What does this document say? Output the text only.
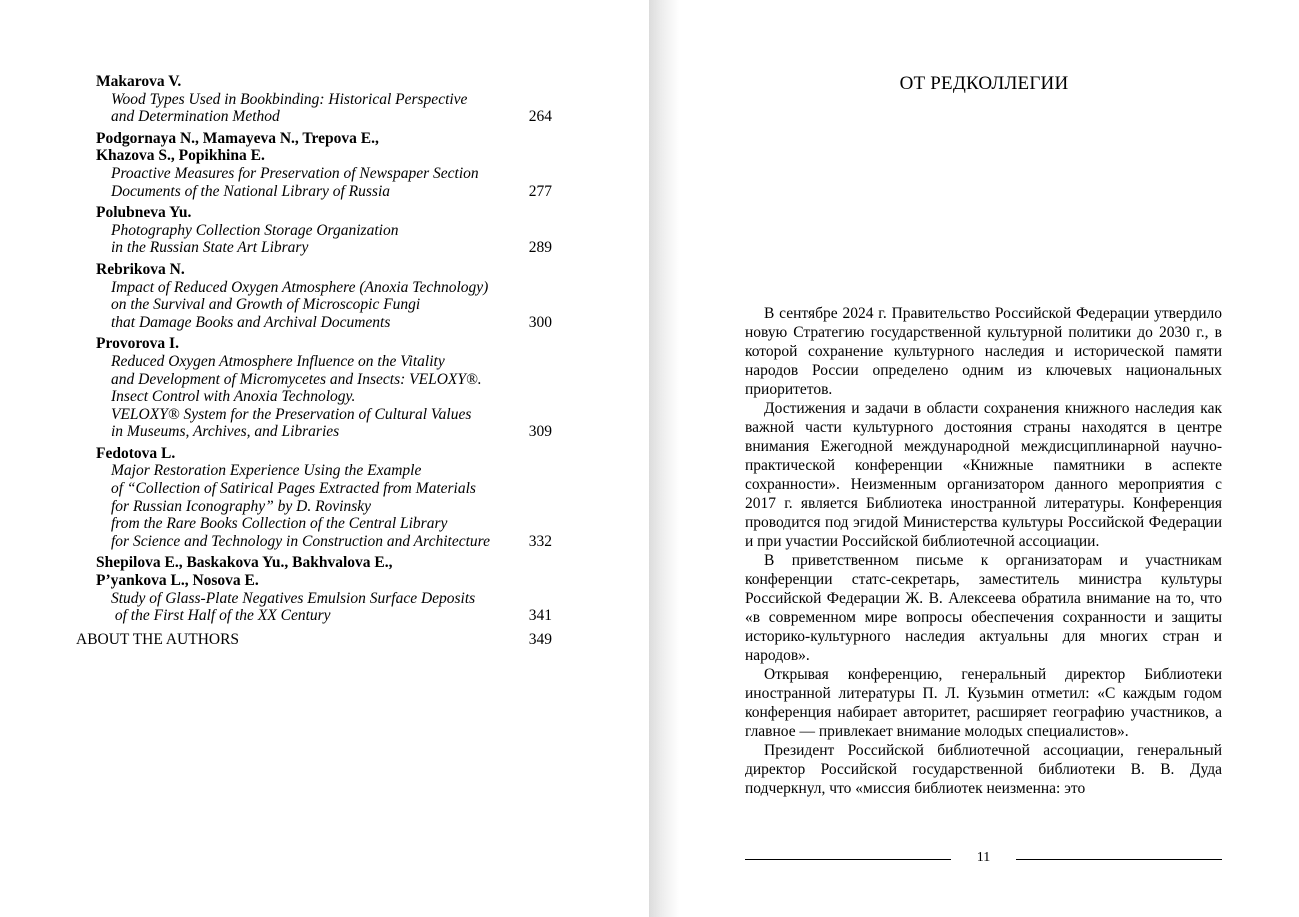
Makarova V.
Wood Types Used in Bookbinding: Historical Perspective
and Determination Method	264
Podgornaya N., Mamayeva N., Trepova E.,
Khazova S., Popikhina E.
Proactive Measures for Preservation of Newspaper Section
Documents of the National Library of Russia	277
Polubneva Yu.
Photography Collection Storage Organization
in the Russian State Art Library	289
Rebrikova N.
Impact of Reduced Oxygen Atmosphere (Anoxia Technology)
on the Survival and Growth of Microscopic Fungi
that Damage Books and Archival Documents	300
Provorova I.
Reduced Oxygen Atmosphere Influence on the Vitality
and Development of Micromycetes and Insects: VELOXY®.
Insect Control with Anoxia Technology.
VELOXY® System for the Preservation of Cultural Values
in Museums, Archives, and Libraries	309
Fedotova L.
Major Restoration Experience Using the Example
of “Collection of Satirical Pages Extracted from Materials
for Russian Iconography” by D. Rovinsky
from the Rare Books Collection of the Central Library
for Science and Technology in Construction and Architecture	332
Shepilova E., Baskakova Yu., Bakhvalova E.,
P’yankova L., Nosova E.
Study of Glass-Plate Negatives Emulsion Surface Deposits
of the First Half of the XX Century	341
ABOUT THE AUTHORS	349
ОТ РЕДКОЛЛЕГИИ

В сентябре 2024 г. Правительство Российской Федерации утвердило новую Стратегию государственной культурной политики до 2030 г., в которой сохранение культурного наследия и исторической памяти народов России определено одним из ключевых национальных приоритетов.

Достижения и задачи в области сохранения книжного наследия как важной части культурного достояния страны находятся в центре внимания Ежегодной международной междисциплинарной научно-практической конференции «Книжные памятники в аспекте сохранности». Неизменным организатором данного мероприятия с 2017 г. является Библиотека иностранной литературы. Конференция проводится под эгидой Министерства культуры Российской Федерации и при участии Российской библиотечной ассоциации.

В приветственном письме к организаторам и участникам конференции статс-секретарь, заместитель министра культуры Российской Федерации Ж. В. Алексеева обратила внимание на то, что «в современном мире вопросы обеспечения сохранности и защиты историко-культурного наследия актуальны для многих стран и народов».

Открывая конференцию, генеральный директор Библиотеки иностранной литературы П. Л. Кузьмин отметил: «С каждым годом конференция набирает авторитет, расширяет географию участников, а главное — привлекает внимание молодых специалистов».

Президент Российской библиотечной ассоциации, генеральный директор Российской государственной библиотеки В. В. Дуда подчеркнул, что «миссия библиотек неизменна: это

11
